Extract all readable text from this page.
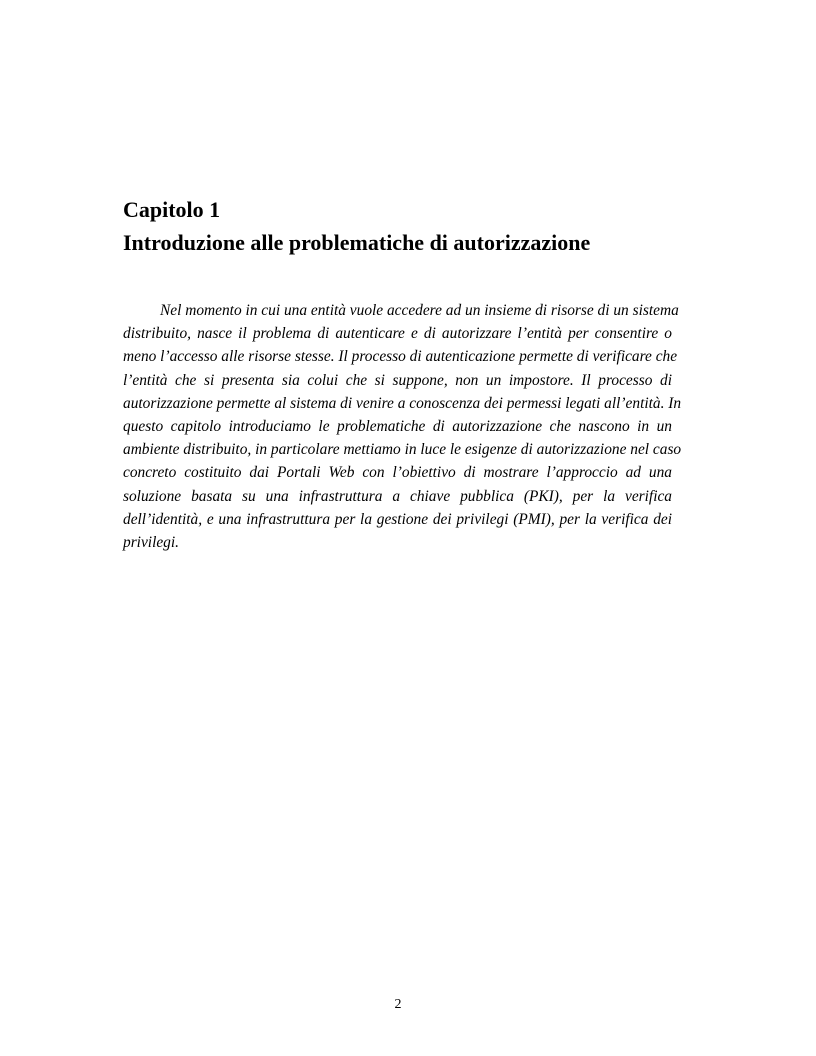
Capitolo 1
Introduzione alle problematiche di autorizzazione

Nel momento in cui una entità vuole accedere ad un insieme di risorse di un sistema
distribuito, nasce il problema di autenticare e di autorizzare l’entità per consentire o
meno l’accesso alle risorse stesse. Il processo di autenticazione permette di verificare che
l’entità che si presenta sia colui che si suppone, non un impostore. Il processo di
autorizzazione permette al sistema di venire a conoscenza dei permessi legati all’entità. In
questo capitolo introduciamo le problematiche di autorizzazione che nascono in un
ambiente distribuito, in particolare mettiamo in luce le esigenze di autorizzazione nel caso
concreto costituito dai Portali Web con l’obiettivo di mostrare l’approccio ad una
soluzione basata su una infrastruttura a chiave pubblica (PKI), per la verifica
dell’identità, e una infrastruttura per la gestione dei privilegi (PMI), per la verifica dei
privilegi.

2
